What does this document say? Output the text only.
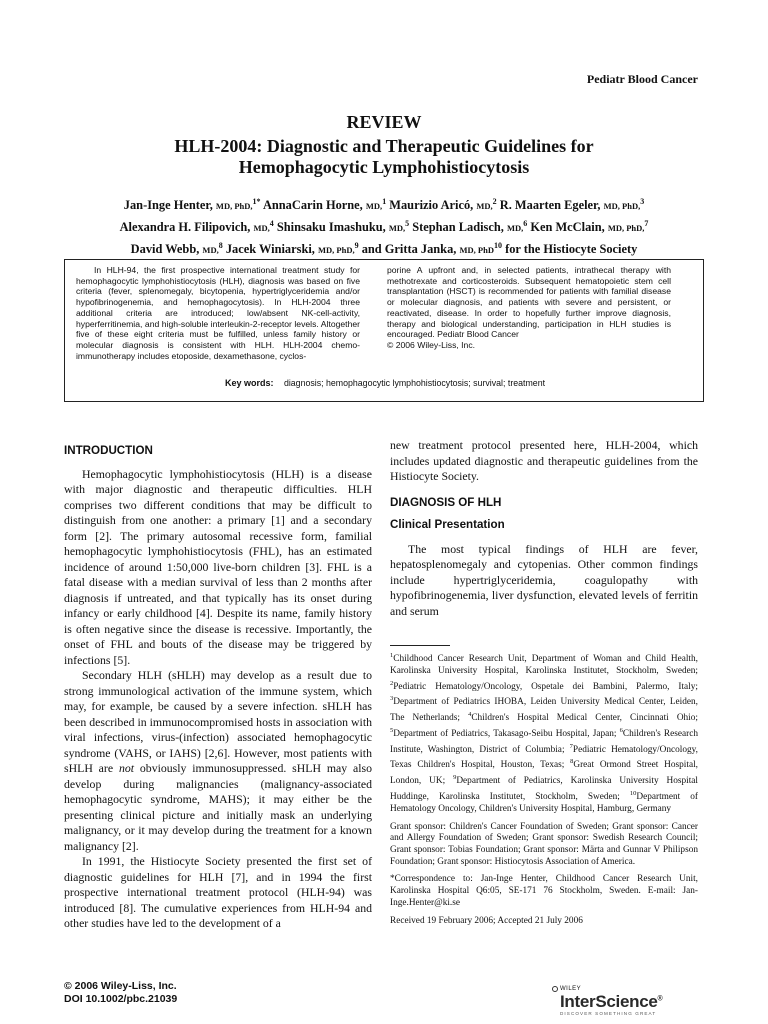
Pediatr Blood Cancer
REVIEW
HLH-2004: Diagnostic and Therapeutic Guidelines for
Hemophagocytic Lymphohistiocytosis
Jan-Inge Henter, MD, PhD,$^{1*}$ AnnaCarin Horne, MD,$^1$ Maurizio Aricó, MD,$^2$ R. Maarten Egeler, MD, PhD,$^3$
Alexandra H. Filipovich, MD,$^4$ Shinsaku Imashuku, MD,$^5$ Stephan Ladisch, MD,$^6$ Ken McClain, MD, PhD,$^7$
David Webb, MD,$^8$ Jacek Winiarski, MD, PhD,$^9$ and Gritta Janka, MD, PhD$^{10}$ for the Histiocyte Society
In HLH-94, the first prospective international treatment study for hemophagocytic lymphohistiocytosis (HLH), diagnosis was based on five criteria (fever, splenomegaly, bicytopenia, hypertriglyceridemia and/or hypofibrinogenemia, and hemophagocytosis). In HLH-2004 three additional criteria are introduced; low/absent NK-cell-activity, hyperferritinemia, and high-soluble interleukin-2-receptor levels. Altogether five of these eight criteria must be fulfilled, unless family history or molecular diagnosis is consistent with HLH. HLH-2004 chemo-immunotherapy includes etoposide, dexamethasone, cyclos-
porine A upfront and, in selected patients, intrathecal therapy with methotrexate and corticosteroids. Subsequent hematopoietic stem cell transplantation (HSCT) is recommended for patients with familial disease or molecular diagnosis, and patients with severe and persistent, or reactivated, disease. In order to hopefully further improve diagnosis, therapy and biological understanding, participation in HLH studies is encouraged. Pediatr Blood Cancer
© 2006 Wiley-Liss, Inc.
Key words: diagnosis; hemophagocytic lymphohistiocytosis; survival; treatment
INTRODUCTION

Hemophagocytic lymphohistiocytosis (HLH) is a disease with major diagnostic and therapeutic difficulties. HLH comprises two different conditions that may be difficult to distinguish from one another: a primary [1] and a secondary form [2]. The primary autosomal recessive form, familial hemophagocytic lymphohistiocytosis (FHL), has an estimated incidence of around 1:50,000 live-born children [3]. FHL is a fatal disease with a median survival of less than 2 months after diagnosis if untreated, and that typically has its onset during infancy or early childhood [4]. Despite its name, family history is often negative since the disease is recessive. Importantly, the onset of FHL and bouts of the disease may be triggered by infections [5].

Secondary HLH (sHLH) may develop as a result due to strong immunological activation of the immune system, which may, for example, be caused by a severe infection. sHLH has been described in immunocompromised hosts in association with viral infections, virus-(infection) associated hemophagocytic syndrome (VAHS, or IAHS) [2,6]. However, most patients with sHLH are not obviously immunosuppressed. sHLH may also develop during malignancies (malignancy-associated hemophagocytic syndrome, MAHS); it may either be the presenting clinical picture and initially mask an underlying malignancy, or it may develop during the treatment for a known malignancy [2].

In 1991, the Histiocyte Society presented the first set of diagnostic guidelines for HLH [7], and in 1994 the first prospective international treatment protocol (HLH-94) was introduced [8]. The cumulative experiences from HLH-94 and other studies have led to the development of a

new treatment protocol presented here, HLH-2004, which includes updated diagnostic and therapeutic guidelines from the Histiocyte Society.

DIAGNOSIS OF HLH
Clinical Presentation

The most typical findings of HLH are fever, hepatosplenomegaly and cytopenias. Other common findings include hypertriglyceridemia, coagulopathy with hypofibrinogenemia, liver dysfunction, elevated levels of ferritin and serum

$^1$Childhood Cancer Research Unit, Department of Woman and Child Health, Karolinska University Hospital, Karolinska Institutet, Stockholm, Sweden; $^2$Pediatric Hematology/Oncology, Ospetale dei Bambini, Palermo, Italy; $^3$Department of Pediatrics IHOBA, Leiden University Medical Center, Leiden, The Netherlands; $^4$Children's Hospital Medical Center, Cincinnati Ohio; $^5$Department of Pediatrics, Takasago-Seibu Hospital, Japan; $^6$Children's Research Institute, Washington, District of Columbia; $^7$Pediatric Hematology/Oncology, Texas Children's Hospital, Houston, Texas; $^8$Great Ormond Street Hospital, London, UK; $^9$Department of Pediatrics, Karolinska University Hospital Huddinge, Karolinska Institutet, Stockholm, Sweden; $^{10}$Department of Hematology Oncology, Children's University Hospital, Hamburg, Germany

Grant sponsor: Children's Cancer Foundation of Sweden; Grant sponsor: Cancer and Allergy Foundation of Sweden; Grant sponsor: Swedish Research Council; Grant sponsor: Tobias Foundation; Grant sponsor: Märta and Gunnar V Philipson Foundation; Grant sponsor: Histiocytosis Association of America.

*Correspondence to: Jan-Inge Henter, Childhood Cancer Research Unit, Karolinska Hospital Q6:05, SE-171 76 Stockholm, Sweden. E-mail: Jan-Inge.Henter@ki.se

Received 19 February 2006; Accepted 21 July 2006

© 2006 Wiley-Liss, Inc.
DOI 10.1002/pbc.21039
WILEY
InterScience®
DISCOVER SOMETHING GREAT
